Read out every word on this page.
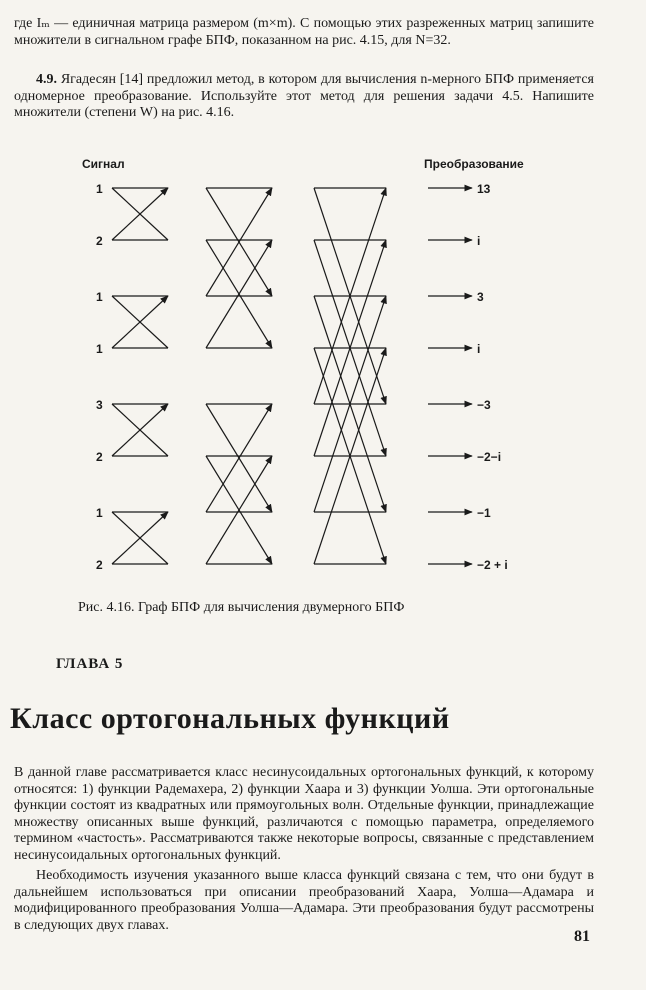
где Iₘ — единичная матрица размером (m×m). С помощью этих разреженных матриц запишите множители в сигнальном графе БПФ, показанном на рис. 4.15, для N=32.

4.9. Ягадесян [14] предложил метод, в котором для вычисления n-мерного БПФ применяется одномерное преобразование. Используйте этот метод для решения задачи 4.5. Напишите множители (степени W) на рис. 4.16.

Сигнал	Преобразование
1
2
1
1
3
2
1
2
13
i
3
i
−3
−2−i
−1
−2 + i

Рис. 4.16. Граф БПФ для вычисления двумерного БПФ

ГЛАВА 5

Класс ортогональных функций

В данной главе рассматривается класс несинусоидальных ортогональных функций, к которому относятся: 1) функции Радемахера, 2) функции Хаара и 3) функции Уолша. Эти ортогональные функции состоят из квадратных или прямоугольных волн. Отдельные функции, принадлежащие множеству описанных выше функций, различаются с помощью параметра, определяемого термином «частость». Рассматриваются также некоторые вопросы, связанные с представлением несинусоидальных ортогональных функций.

Необходимость изучения указанного выше класса функций связана с тем, что они будут в дальнейшем использоваться при описании преобразований Хаара, Уолша—Адамара и модифицированного преобразования Уолша—Адамара. Эти преобразования будут рассмотрены в следующих двух главах.

81
